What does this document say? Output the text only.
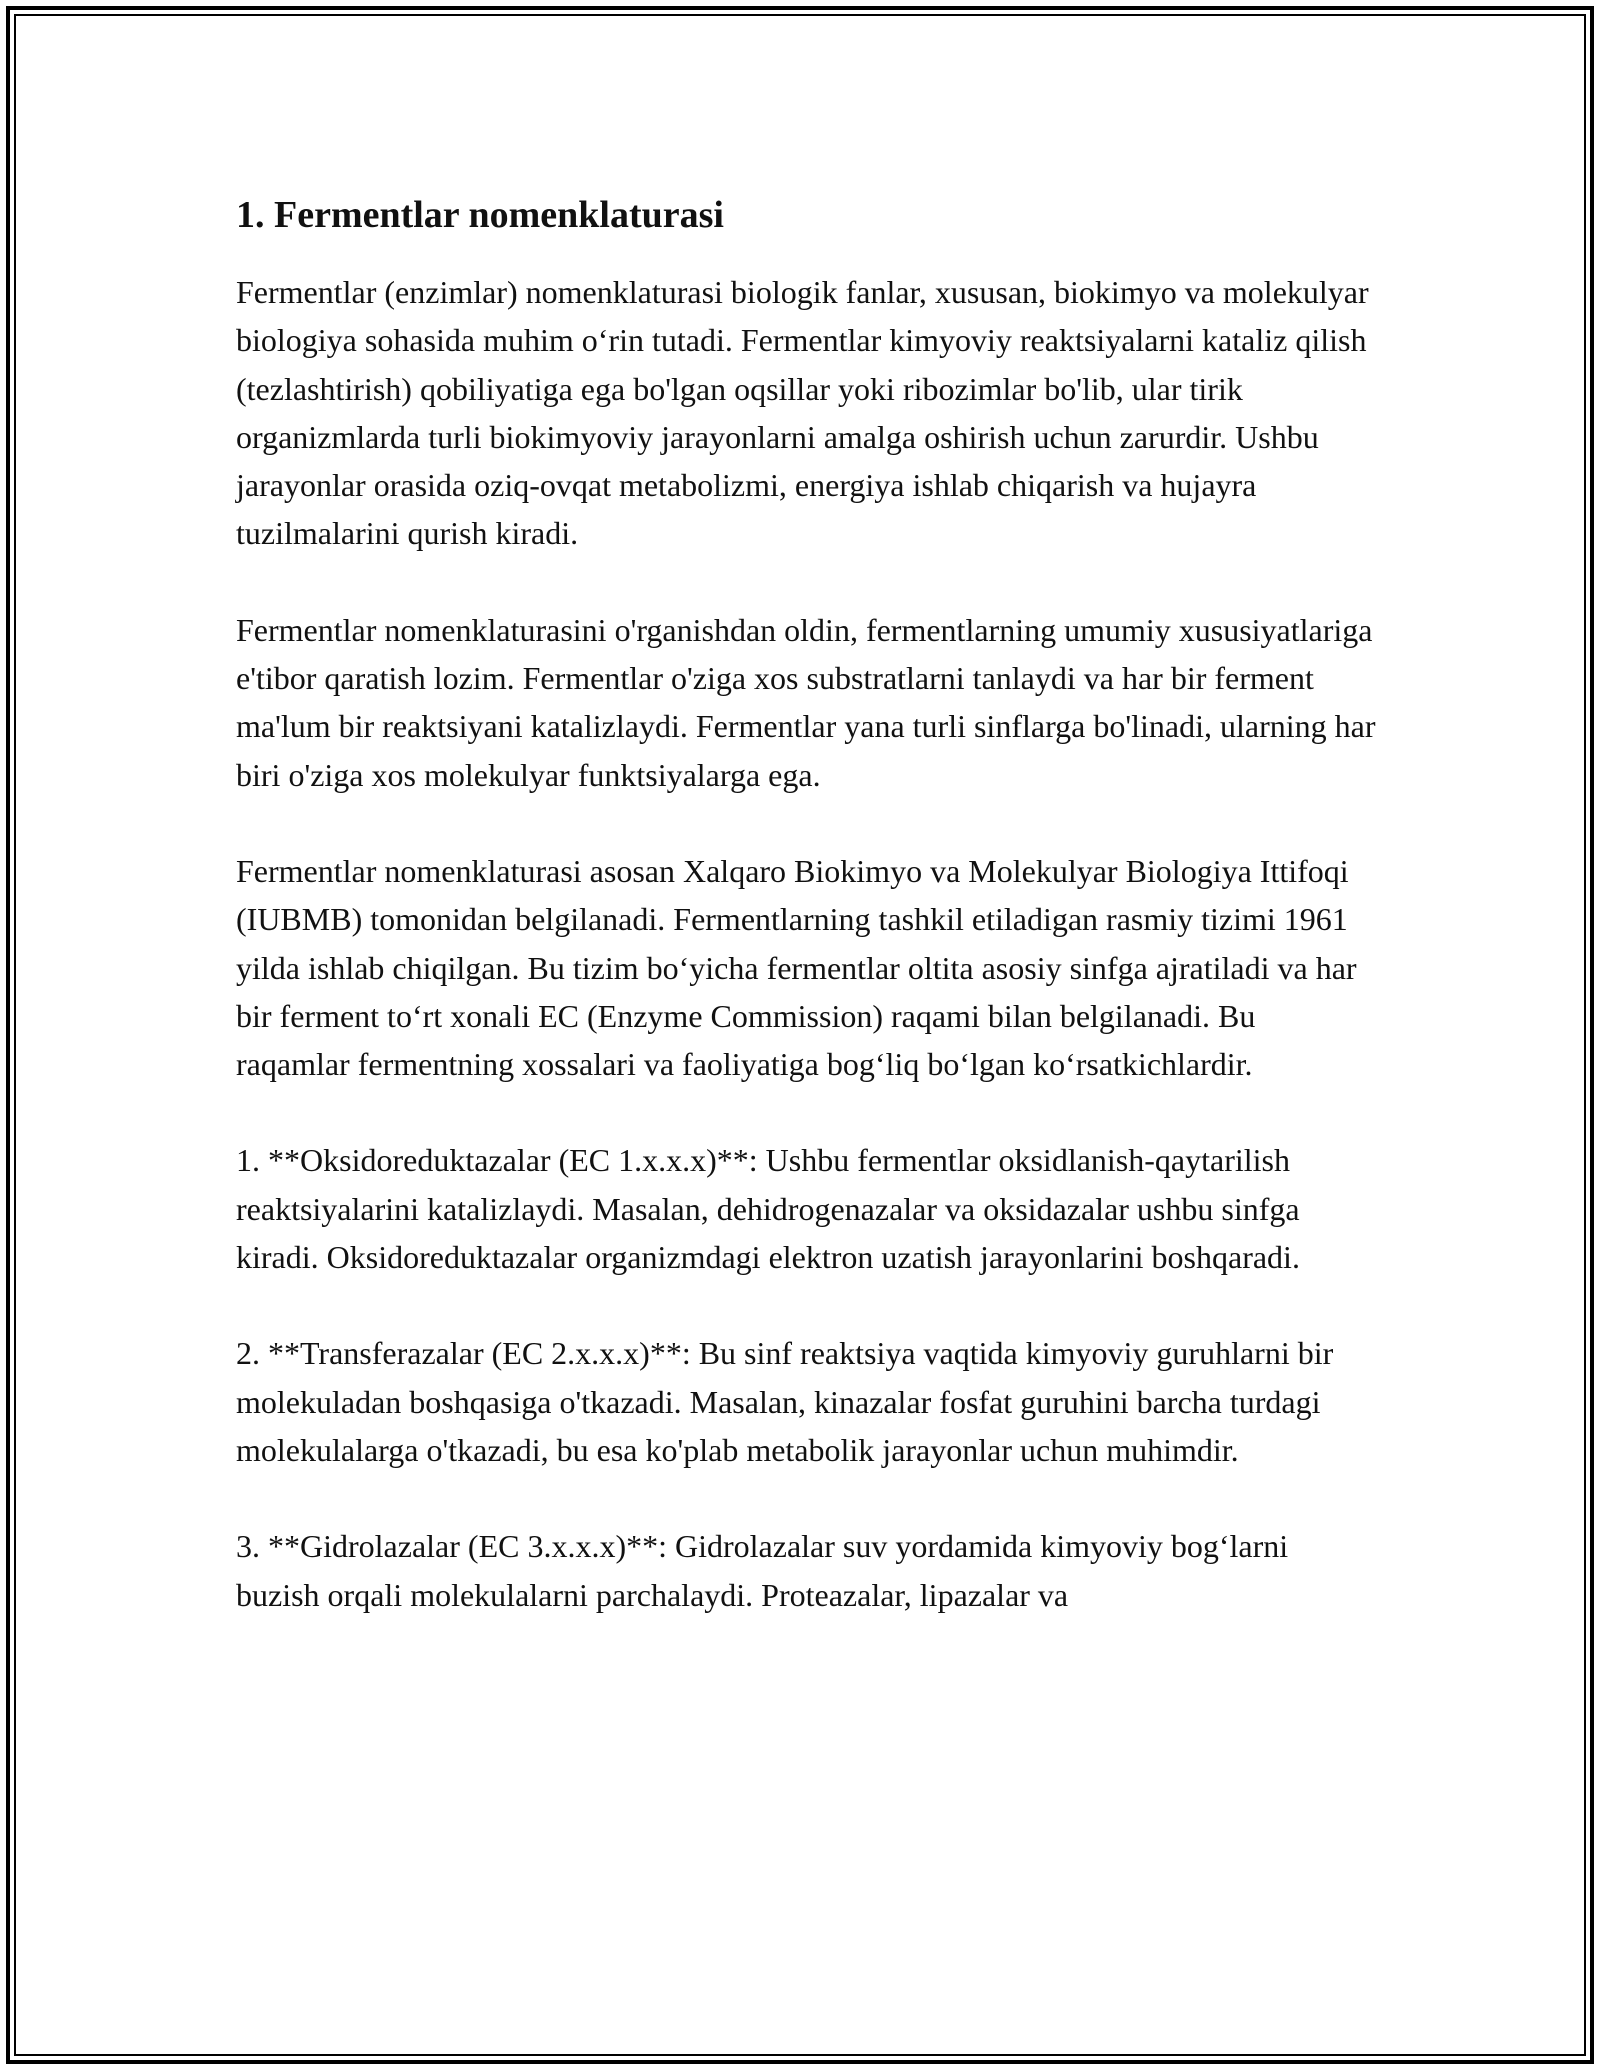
1. Fermentlar nomenklaturasi

Fermentlar (enzimlar) nomenklaturasi biologik fanlar, xususan, biokimyo va molekulyar biologiya sohasida muhim o‘rin tutadi. Fermentlar kimyoviy reaktsiyalarni kataliz qilish (tezlashtirish) qobiliyatiga ega bo'lgan oqsillar yoki ribozimlar bo'lib, ular tirik organizmlarda turli biokimyoviy jarayonlarni amalga oshirish uchun zarurdir. Ushbu jarayonlar orasida oziq-ovqat metabolizmi, energiya ishlab chiqarish va hujayra tuzilmalarini qurish kiradi.

Fermentlar nomenklaturasini o'rganishdan oldin, fermentlarning umumiy xususiyatlariga e'tibor qaratish lozim. Fermentlar o'ziga xos substratlarni tanlaydi va har bir ferment ma'lum bir reaktsiyani katalizlaydi. Fermentlar yana turli sinflarga bo'linadi, ularning har biri o'ziga xos molekulyar funktsiyalarga ega.

Fermentlar nomenklaturasi asosan Xalqaro Biokimyo va Molekulyar Biologiya Ittifoqi (IUBMB) tomonidan belgilanadi. Fermentlarning tashkil etiladigan rasmiy tizimi 1961 yilda ishlab chiqilgan. Bu tizim bo‘yicha fermentlar oltita asosiy sinfga ajratiladi va har bir ferment to‘rt xonali EC (Enzyme Commission) raqami bilan belgilanadi. Bu raqamlar fermentning xossalari va faoliyatiga bog‘liq bo‘lgan ko‘rsatkichlardir.

1. **Oksidoreduktazalar (EC 1.x.x.x)**: Ushbu fermentlar oksidlanish-qaytarilish reaktsiyalarini katalizlaydi. Masalan, dehidrogenazalar va oksidazalar ushbu sinfga kiradi. Oksidoreduktazalar organizmdagi elektron uzatish jarayonlarini boshqaradi.

2. **Transferazalar (EC 2.x.x.x)**: Bu sinf reaktsiya vaqtida kimyoviy guruhlarni bir molekuladan boshqasiga o'tkazadi. Masalan, kinazalar fosfat guruhini barcha turdagi molekulalarga o'tkazadi, bu esa ko'plab metabolik jarayonlar uchun muhimdir.

3. **Gidrolazalar (EC 3.x.x.x)**: Gidrolazalar suv yordamida kimyoviy bog‘larni buzish orqali molekulalarni parchalaydi. Proteazalar, lipazalar va
